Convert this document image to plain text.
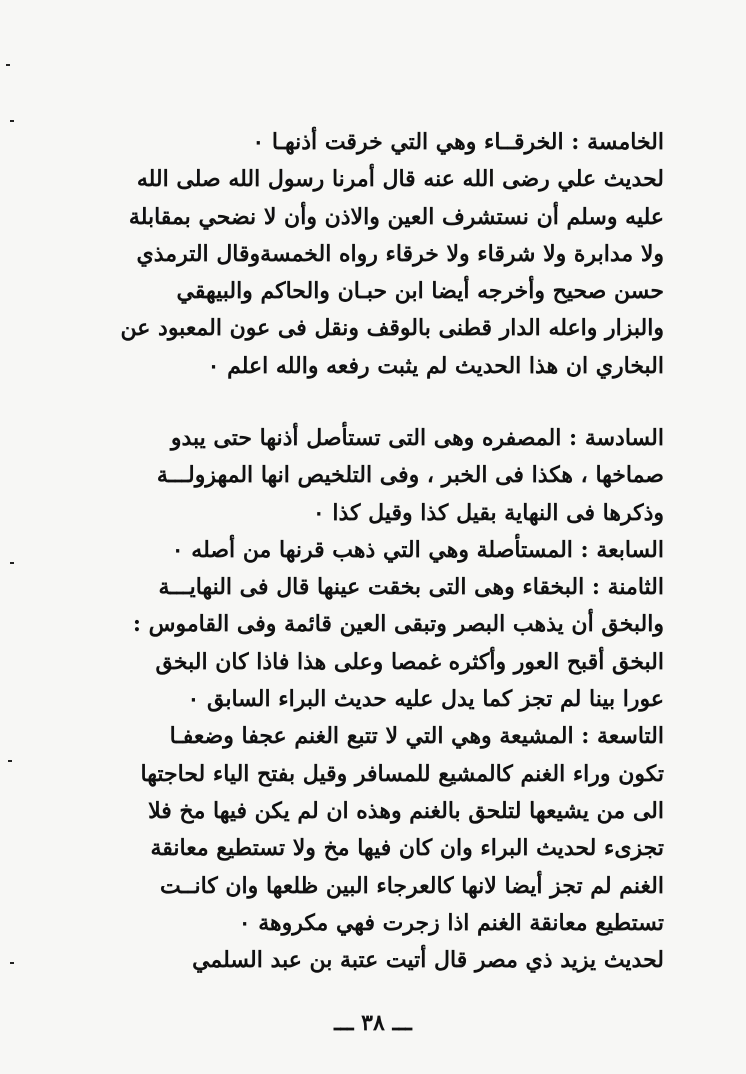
الخامسة : الخرقــاء وهي التي خرقت أذنهـا ٠
لحديث علي رضى الله عنه قال أمرنا رسول الله صلى الله
عليه وسلم أن نستشرف العين والاذن وأن لا نضحي بمقابلة
ولا مدابرة ولا شرقاء ولا خرقاء رواه الخمسةوقال الترمذي
حسن صحيح وأخرجه أيضا ابن حبـان والحاكم والبيهقي
والبزار واعله الدار قطنى بالوقف ونقل فى عون المعبود عن
البخاري ان هذا الحديث لم يثبت رفعه والله اعلم ٠
السادسة : المصفره وهى التى تستأصل أذنها حتى يبدو
صماخها ، هكذا فى الخبر ، وفى التلخيص انها المهزولـــة
وذكرها فى النهاية بقيل كذا وقيل كذا ٠
السابعة : المستأصلة وهي التي ذهب قرنها من أصله ٠
الثامنة : البخقاء وهى التى بخقت عينها قال فى النهايـــة
والبخق أن يذهب البصر وتبقى العين قائمة وفى القاموس :
البخق أقبح العور وأكثره غمصا وعلى هذا فاذا كان البخق
عورا بينا لم تجز كما يدل عليه حديث البراء السابق ٠
التاسعة : المشيعة وهي التي لا تتبع الغنم عجفا وضعفـا
تكون وراء الغنم كالمشيع للمسافر وقيل بفتح الياء لحاجتها
الى من يشيعها لتلحق بالغنم وهذه ان لم يكن فيها مخ فلا
تجزىء لحديث البراء وان كان فيها مخ ولا تستطيع معانقة
الغنم لم تجز أيضا لانها كالعرجاء البين ظلعها وان كانــت
تستطيع معانقة الغنم اذا زجرت فهي مكروهة ٠
لحديث يزيد ذي مصر قال أتيت عتبة بن عبد السلمي
ـــ ٣٨ ـــ
